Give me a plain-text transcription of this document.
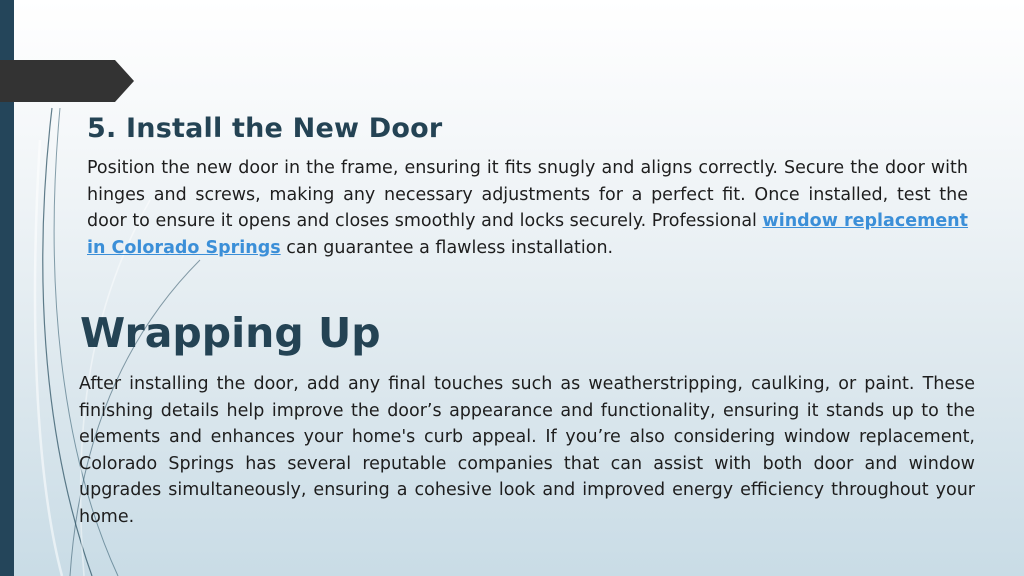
5. Install the New Door

Position the new door in the frame, ensuring it fits snugly and aligns correctly. Secure the door with hinges and screws, making any necessary adjustments for a perfect fit. Once installed, test the door to ensure it opens and closes smoothly and locks securely. Professional window replacement in Colorado Springs can guarantee a flawless installation.

Wrapping Up

After installing the door, add any final touches such as weatherstripping, caulking, or paint. These finishing details help improve the door’s appearance and functionality, ensuring it stands up to the elements and enhances your home's curb appeal. If you’re also considering window replacement, Colorado Springs has several reputable companies that can assist with both door and window upgrades simultaneously, ensuring a cohesive look and improved energy efficiency throughout your home.
